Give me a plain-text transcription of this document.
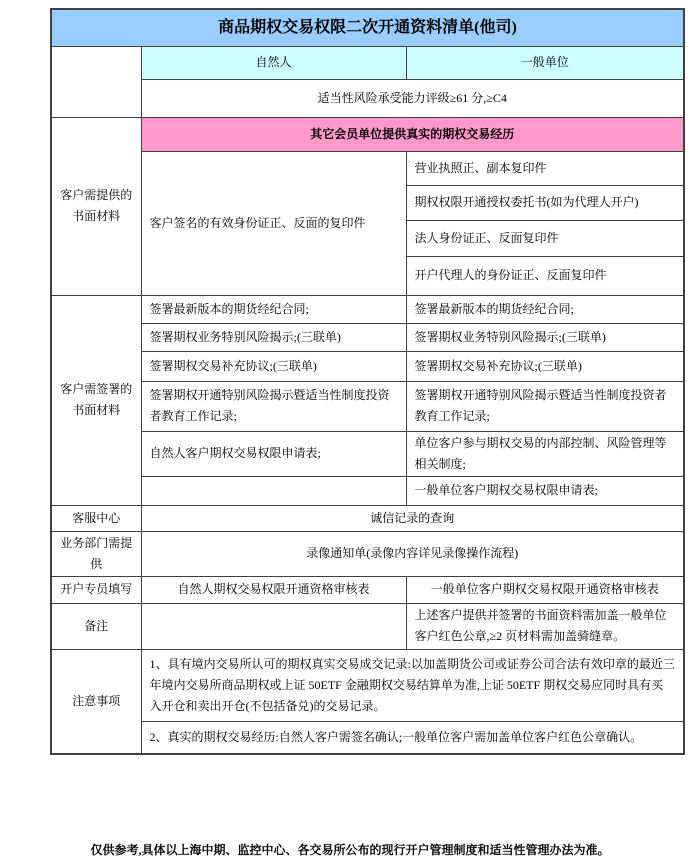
商品期权交易权限二次开通资料清单(他司)		
	自然人	一般单位
	适当性风险承受能力评级≥61 分,≥C4	
客户需提供的书面材料	其它会员单位提供真实的期权交易经历	
	客户签名的有效身份证正、反面的复印件	营业执照正、副本复印件
		期权权限开通授权委托书(如为代理人开户)
		法人身份证正、反面复印件
		开户代理人的身份证正、反面复印件
客户需签署的书面材料	签署最新版本的期货经纪合同;	签署最新版本的期货经纪合同;
	签署期权业务特别风险揭示;(三联单)	签署期权业务特别风险揭示;(三联单)
	签署期权交易补充协议;(三联单)	签署期权交易补充协议;(三联单)
	签署期权开通特别风险揭示暨适当性制度投资者教育工作记录;	签署期权开通特别风险揭示暨适当性制度投资者教育工作记录;
	自然人客户期权交易权限申请表;	单位客户参与期权交易的内部控制、风险管理等相关制度;
		一般单位客户期权交易权限申请表;
客服中心	诚信记录的查询	
业务部门需提供	录像通知单(录像内容详见录像操作流程)	
开户专员填写	自然人期权交易权限开通资格审核表	一般单位客户期权交易权限开通资格审核表
备注		上述客户提供并签署的书面资料需加盖一般单位客户红色公章,≥2 页材料需加盖骑缝章。
注意事项	1、具有境内交易所认可的期权真实交易成交记录:以加盖期货公司或证券公司合法有效印章的最近三年境内交易所商品期权或上证 50ETF 金融期权交易结算单为准,上证 50ETF 期权交易应同时具有买入开仓和卖出开仓(不包括备兑)的交易记录。	
	2、真实的期权交易经历:自然人客户需签名确认;一般单位客户需加盖单位客户红色公章确认。	
仅供参考,具体以上海中期、监控中心、各交易所公布的现行开户管理制度和适当性管理办法为准。
